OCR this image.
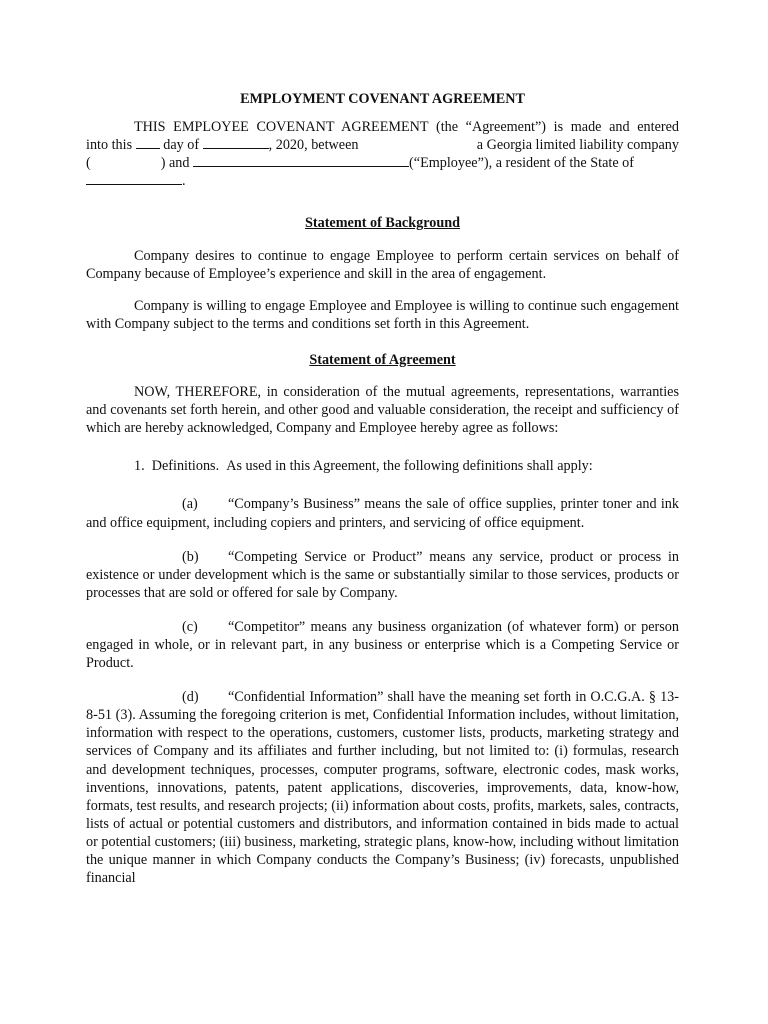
EMPLOYMENT COVENANT AGREEMENT
THIS EMPLOYEE COVENANT AGREEMENT (the “Agreement”) is made and entered
into this day of	, 2020, between	a Georgia limited liability company
(	) and	(“Employee”), a resident of the State of
.
Statement of Background
Company desires to continue to engage Employee to perform certain services on behalf of Company because of Employee’s experience and skill in the area of engagement.
Company is willing to engage Employee and Employee is willing to continue such engagement with Company subject to the terms and conditions set forth in this Agreement.
Statement of Agreement
NOW, THEREFORE, in consideration of the mutual agreements, representations, warranties and covenants set forth herein, and other good and valuable consideration, the receipt and sufficiency of which are hereby acknowledged, Company and Employee hereby agree as follows:
1.  Definitions.  As used in this Agreement, the following definitions shall apply:
(a) “Company’s Business” means the sale of office supplies, printer toner and ink and office equipment, including copiers and printers, and servicing of office equipment.
(b) “Competing Service or Product” means any service, product or process in existence or under development which is the same or substantially similar to those services, products or processes that are sold or offered for sale by Company.
(c) “Competitor” means any business organization (of whatever form) or person engaged in whole, or in relevant part, in any business or enterprise which is a Competing Service or Product.
(d) “Confidential Information” shall have the meaning set forth in O.C.G.A. § 13-8-51 (3). Assuming the foregoing criterion is met, Confidential Information includes, without limitation, information with respect to the operations, customers, customer lists, products, marketing strategy and services of Company and its affiliates and further including, but not limited to: (i) formulas, research and development techniques, processes, computer programs, software, electronic codes, mask works, inventions, innovations, patents, patent applications, discoveries, improvements, data, know-how, formats, test results, and research projects; (ii) information about costs, profits, markets, sales, contracts, lists of actual or potential customers and distributors, and information contained in bids made to actual or potential customers; (iii) business, marketing, strategic plans, know-how, including without limitation the unique manner in which Company conducts the Company’s Business; (iv) forecasts, unpublished financial
